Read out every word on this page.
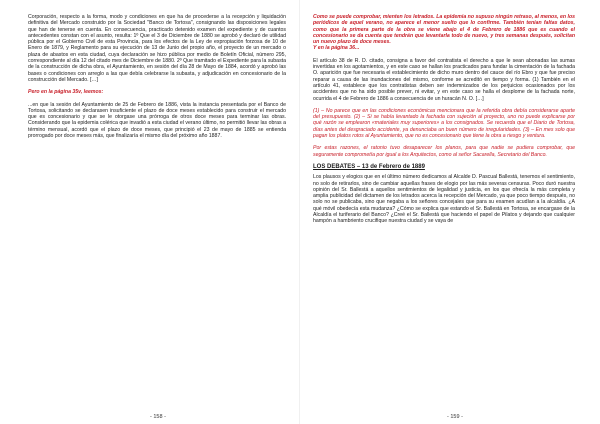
Corporación, respecto a la forma, modo y condiciones en que ha de procederse a la recepción y liquidación definitiva del Mercado construido por la Sociedad "Banco de Tortosa", consignando las disposiciones legales que han de tenerse en cuenta. En consecuencia, practicado detenido examen del expediente y de cuantos antecedentes constan con el asunto, resulta: 1º Que el 3 de Diciembre de 1880 se aprobó y declaró de utilidad pública por el Gobierno Civil de esta Provincia, para los efectos de la Ley de expropiación forzosa de 10 de Enero de 1879, y Reglamento para su ejecución de 13 de Junio del propio año, el proyecto de un mercado o plaza de abastos en esta ciudad, cuya declaración se hizo pública por medio de Boletín Oficial, número 295, correspondiente al día 12 del citado mes de Diciembre de 1880. 2º Que tramitado el Expediente para la subasta de la construcción de dicha obra, el Ayuntamiento, en sesión del día 28 de Mayo de 1884, acordó y aprobó las bases o condiciones con arreglo a las que debía celebrarse la subasta, y adjudicación en concesionario de la construcción del Mercado. […]

Pero en la página 35v, leemos:

...en que la sesión del Ayuntamiento de 25 de Febrero de 1886, vista la instancia presentada por el Banco de Tortosa, solicitando se declarasen insuficiente el plazo de doce meses establecido para construir el mercado que es concesionario y que se le otorgase una prórroga de otros doce meses para terminar las obras. Considerando que la epidemia colérica que invadió a esta ciudad el verano último, no permitió llevar las obras a término mensual, acordó que el plazo de doce meses, que principió el 23 de mayo de 1885 se entienda prorrogado por doce meses más, que finalizaría el mismo día del próximo año 1887.

Como se puede comprobar, mienten los letrados. La epidemia no supuso ningún retraso, al menos, en los periódicos de aquel verano, no aparece el menor suelto que lo confirme. También tenían faltas datos, como que la primera parte de la obra se viene abajo el 4 de Febrero de 1886 que es cuando el concesionario se da cuenta que tendrán que levantarla todo de nuevo, y tres semanas después, solicitan un nuevo plazo de doce meses.
Y en la página 36...

El artículo 38 de R. D. citado, consigna a favor del contratista el derecho a que le sean abonadas las sumas invertidas en los agotamientos, y en este caso se hallan los practicados para fundar la cimentación de la fachada O. aparición que fue necesaria el establecimiento de dicho muro dentro del cauce del río Ebro y que fue preciso reparar a causa de las inundaciones del mismo, conforme se acreditó en tiempo y forma. (1) También en el artículo 41, establece que los contratistas deben ser indemnizados de los perjuicios ocasionados por los accidentes que no ha sido posible prever, ni evitar, y en este caso se halla el desplome de la fachada norte, ocurrida el 4 de Febrero de 1886 a consecuencia de un huracán N. O. […]

(1) – No parece que en las condiciones económicas mencionara que la referida obra debía considerarse aparte del presupuesto. (2) – Si se había levantado la fachada con sujeción al proyecto, uno no puede explicarse por qué razón se emplearon «materiales muy superiores» a los consignados. Se recuerda que el Diario de Tortosa, días antes del desgraciado accidente, ya denunciaba un buen número de irregularidades. (3) – En mes solo que pagan los platos rotos al Ayuntamiento, que no es concesionario que tiene la obra a riesgo y ventura.

Por estas razones, el ratonio tuvo desaparecer los planos, para que nadie se pudiera comprobar, que seguramente comprometía por igual a los Arquitectos, como al señor Sacarella, Secretario del Banco.

LOS DEBATES – 13 de Febrero de 1889

Los plausos y elogios que en el último número dedicamos al Alcalde D. Pascual Ballestá, tenemos el sentimiento, no solo de retirarlos, sino de cambiar aquellas frases de elogio por las más severas censuras. Poco duró nuestra opinión del Sr. Ballestá a aquellos sentimientos de legalidad y justicia, en los que ofrecía la más completa y amplia publicidad del dictamen de los letrados acerca la recepción del Mercado, ya que poco tiempo después, no solo no se publicaba, sino que negaba a los señores concejales que para su examen acudían a la alcaldía. ¿A qué móvil obedecía esta mudanza? ¿Cómo se explica que estando el Sr. Ballestá en Tortosa, se encargase de la Alcaldía el turiferario del Banco? ¿Creé el Sr. Ballestá que haciendo el papel de Pilatos y dejando que cualquier hampón a hambriento crucifique nuestra ciudad y se vaya de

- 158 -	- 159 -
